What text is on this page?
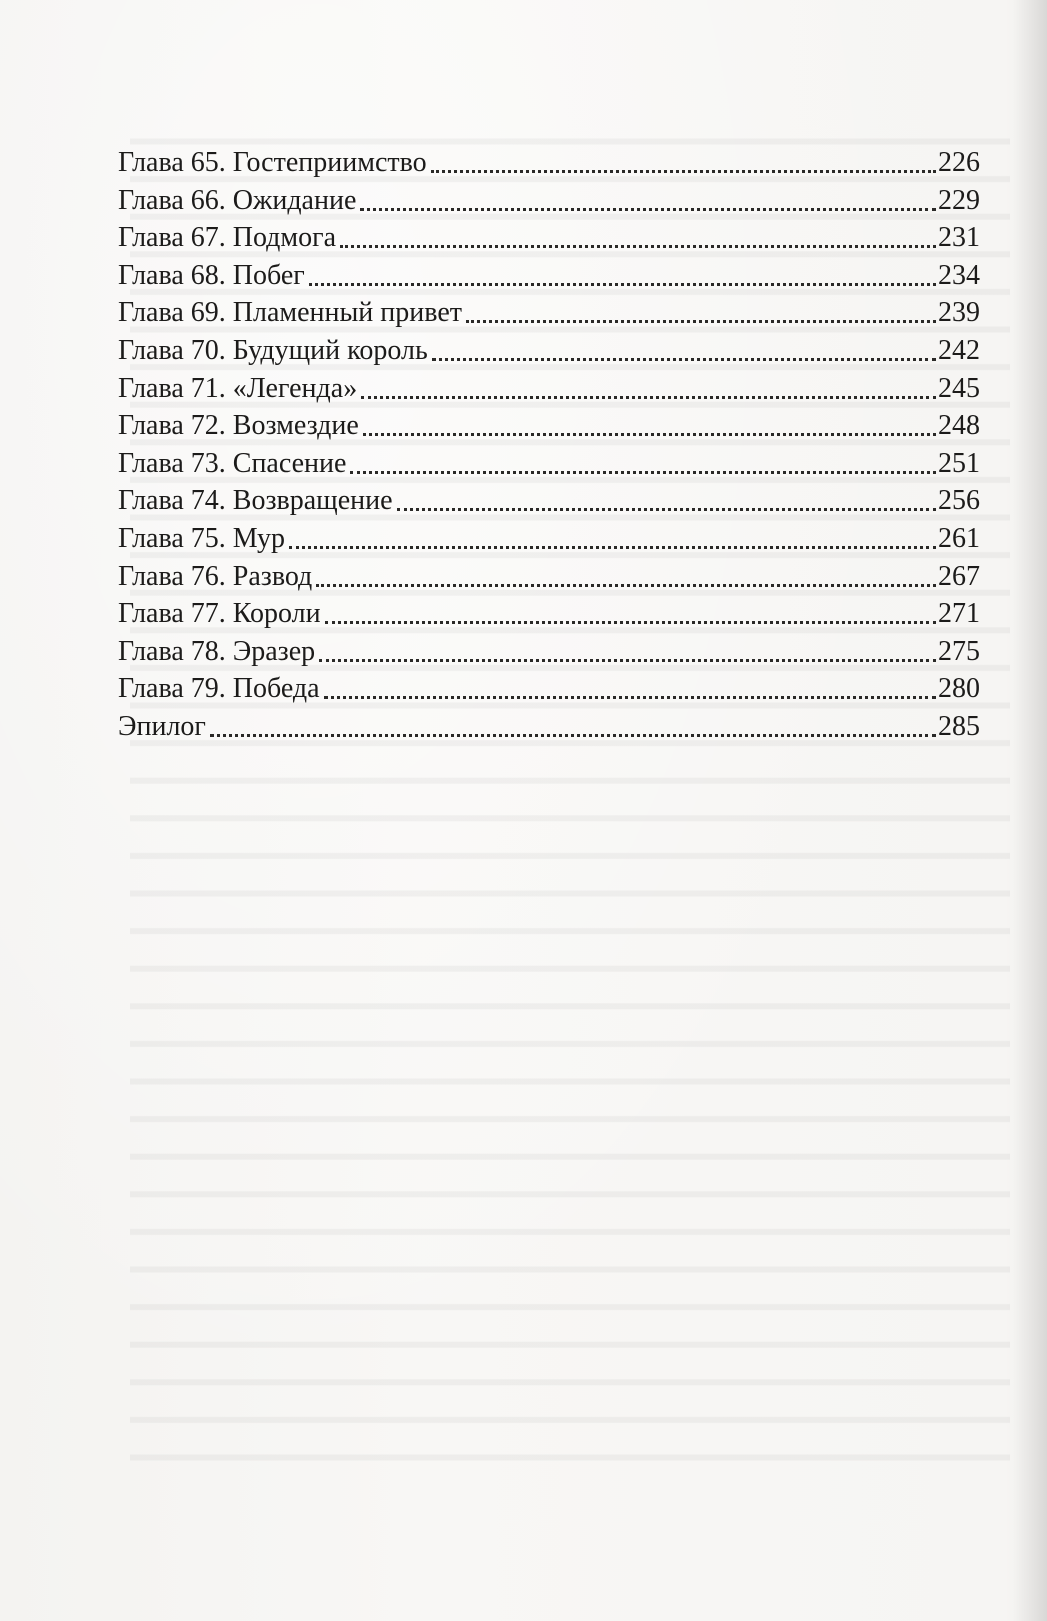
Глава 65. Гостеприимство	226
Глава 66. Ожидание	229
Глава 67. Подмога	231
Глава 68. Побег	234
Глава 69. Пламенный привет	239
Глава 70. Будущий король	242
Глава 71. «Легенда»	245
Глава 72. Возмездие	248
Глава 73. Спасение	251
Глава 74. Возвращение	256
Глава 75. Мур	261
Глава 76. Развод	267
Глава 77. Короли	271
Глава 78. Эразер	275
Глава 79. Победа	280
Эпилог	285
